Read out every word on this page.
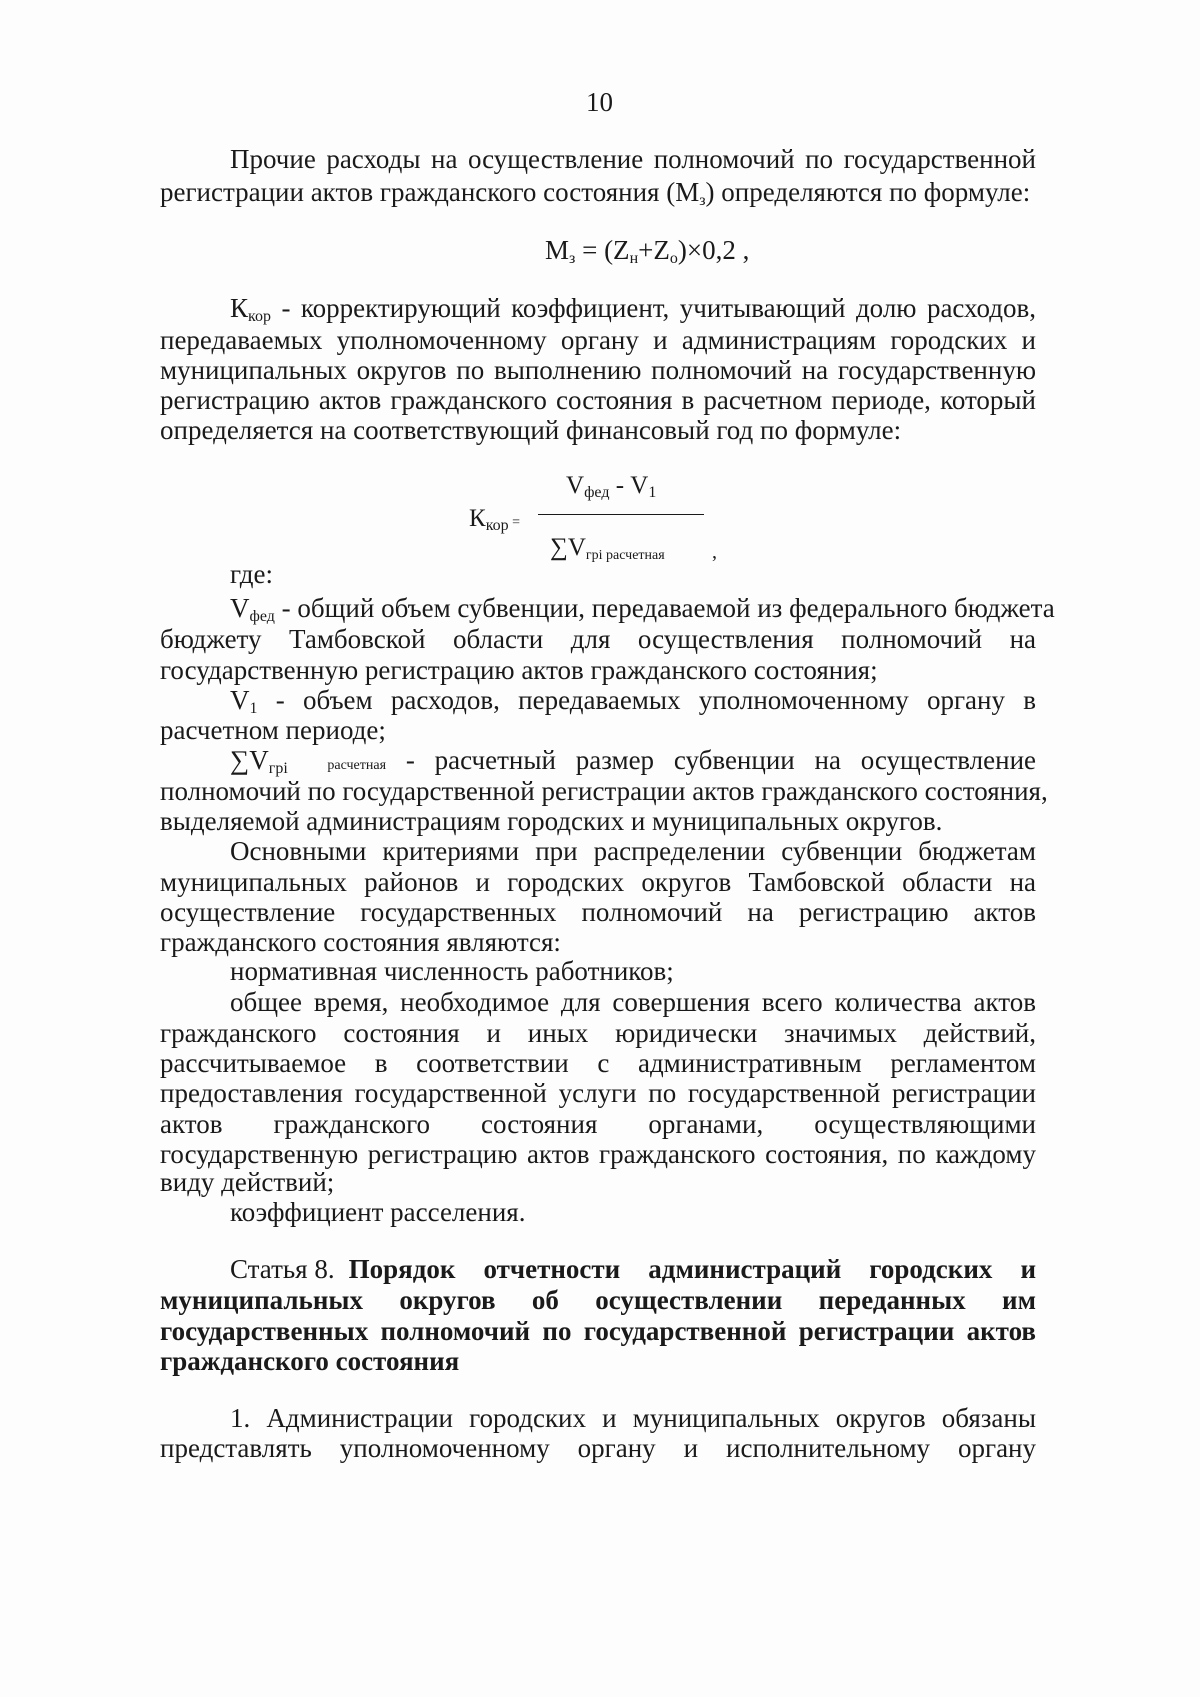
10
Прочие расходы на осуществление полномочий по государственной
регистрации актов гражданского состояния $(М_з)$ определяются по формуле:
$М_з = (Z_н+Z_о)\times 0,2$ ,
$К_{кор}$ - корректирующий коэффициент, учитывающий долю расходов,
передаваемых уполномоченному органу и администрациям городских и
муниципальных округов по выполнению полномочий на государственную
регистрацию актов гражданского состояния в расчетном периоде, который
определяется на соответствующий финансовый год по формуле:
$К_{кор}$ =
$V_{фед} - V_1$
$\sum V_{грi расчетная}$ ,
где:
$V_{фед}$ - общий объем субвенции, передаваемой из федерального бюджета
бюджету Тамбовской области для осуществления полномочий на
государственную регистрацию актов гражданского состояния;
$V_1$ - объем расходов, передаваемых уполномоченному органу в
расчетном периоде;
$\sum V_{грi}$	расчетная - расчетный размер субвенции на осуществление
полномочий по государственной регистрации актов гражданского состояния,
выделяемой администрациям городских и муниципальных округов.
Основными критериями при распределении субвенции бюджетам
муниципальных районов и городских округов Тамбовской области на
осуществление государственных полномочий на регистрацию актов
гражданского состояния являются:
нормативная численность работников;
общее время, необходимое для совершения всего количества актов
гражданского состояния и иных юридически значимых действий,
рассчитываемое в соответствии с административным регламентом
предоставления государственной услуги по государственной регистрации
актов гражданского состояния органами, осуществляющими
государственную регистрацию актов гражданского состояния, по каждому
виду действий;
коэффициент расселения.
Статья 8. Порядок отчетности администраций городских и
муниципальных округов об осуществлении переданных им
государственных полномочий по государственной регистрации актов
гражданского состояния
1. Администрации городских и муниципальных округов обязаны
представлять уполномоченному органу и исполнительному органу
